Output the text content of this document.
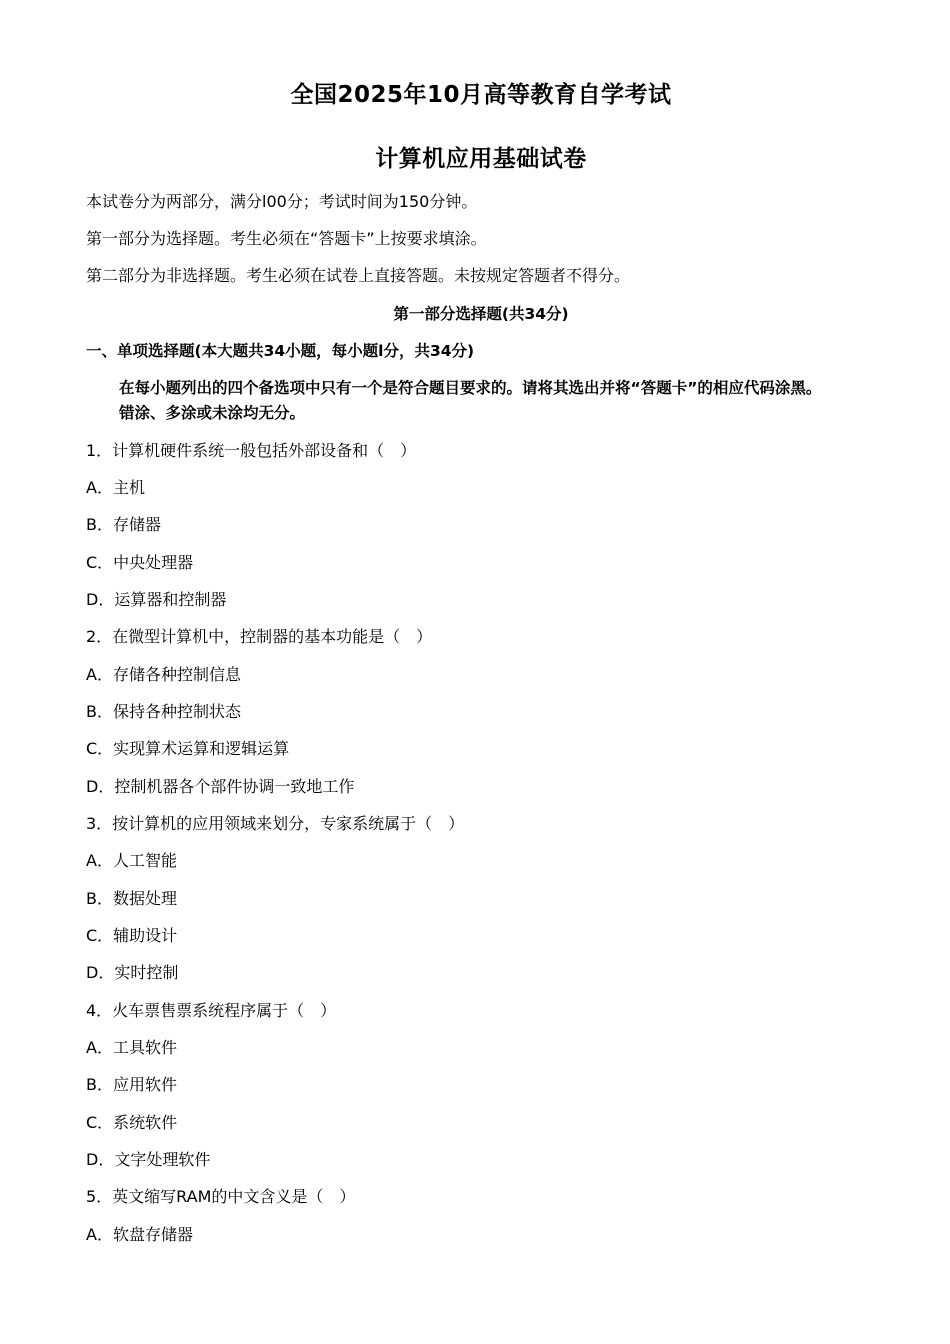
全国2025年10月高等教育自学考试
计算机应用基础试卷
本试卷分为两部分，满分l00分；考试时间为150分钟。
第一部分为选择题。考生必须在“答题卡”上按要求填涂。
第二部分为非选择题。考生必须在试卷上直接答题。未按规定答题者不得分。
第一部分选择题(共34分)
一、单项选择题(本大题共34小题，每小题l分，共34分)
在每小题列出的四个备选项中只有一个是符合题目要求的。请将其选出并将“答题卡”的相应代码涂黑。
错涂、多涂或未涂均无分。
1．计算机硬件系统一般包括外部设备和（　）
A．主机
B．存储器
C．中央处理器
D．运算器和控制器
2．在微型计算机中，控制器的基本功能是（　）
A．存储各种控制信息
B．保持各种控制状态
C．实现算术运算和逻辑运算
D．控制机器各个部件协调一致地工作
3．按计算机的应用领域来划分，专家系统属于（　）
A．人工智能
B．数据处理
C．辅助设计
D．实时控制
4．火车票售票系统程序属于（　）
A．工具软件
B．应用软件
C．系统软件
D．文字处理软件
5．英文缩写RAM的中文含义是（　）
A．软盘存储器
